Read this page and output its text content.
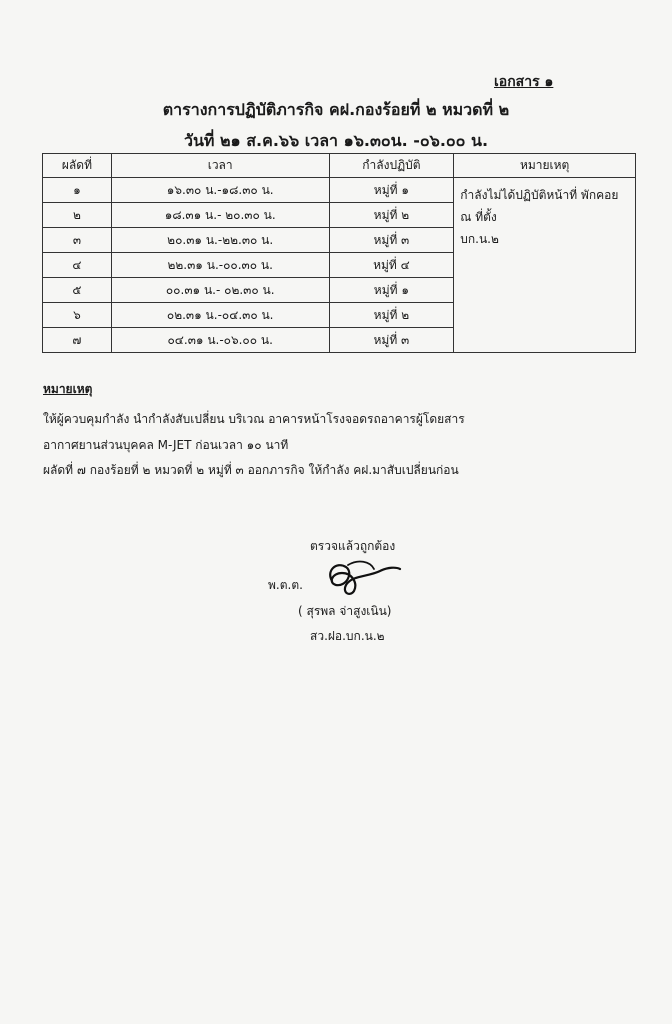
เอกสาร ๑
ตารางการปฏิบัติภารกิจ คฝ.กองร้อยที่ ๒ หมวดที่ ๒
วันที่ ๒๑ ส.ค.๖๖ เวลา ๑๖.๓๐น. -๐๖.๐๐ น.
ผลัดที่	เวลา	กำลังปฏิบัติ	หมายเหตุ
๑	๑๖.๓๐ น.-๑๘.๓๐ น.	หมู่ที่ ๑	กำลังไม่ได้ปฏิบัติหน้าที่ พักคอย ณ ที่ตั้ง
บก.น.๒

๒	๑๘.๓๑ น.- ๒๐.๓๐ น.	หมู่ที่ ๒	
๓	๒๐.๓๑ น.-๒๒.๓๐ น.	หมู่ที่ ๓	
๔	๒๒.๓๑ น.-๐๐.๓๐ น.	หมู่ที่ ๔	
๕	๐๐.๓๑ น.- ๐๒.๓๐ น.	หมู่ที่ ๑	
๖	๐๒.๓๑ น.-๐๔.๓๐ น.	หมู่ที่ ๒	
๗	๐๔.๓๑ น.-๐๖.๐๐ น.	หมู่ที่ ๓	
หมายเหตุ
ให้ผู้ควบคุมกำลัง นำกำลังสับเปลี่ยน บริเวณ อาคารหน้าโรงจอดรถอาคารผู้โดยสาร
อากาศยานส่วนบุคคล M-JET ก่อนเวลา ๑๐ นาที
ผลัดที่ ๗ กองร้อยที่ ๒ หมวดที่ ๒ หมู่ที่ ๓ ออกภารกิจ ให้กำลัง คฝ.มาสับเปลี่ยนก่อน
ตรวจแล้วถูกต้อง
พ.ต.ต.
( สุรพล จ่าสูงเนิน)
สว.ฝอ.บก.น.๒
